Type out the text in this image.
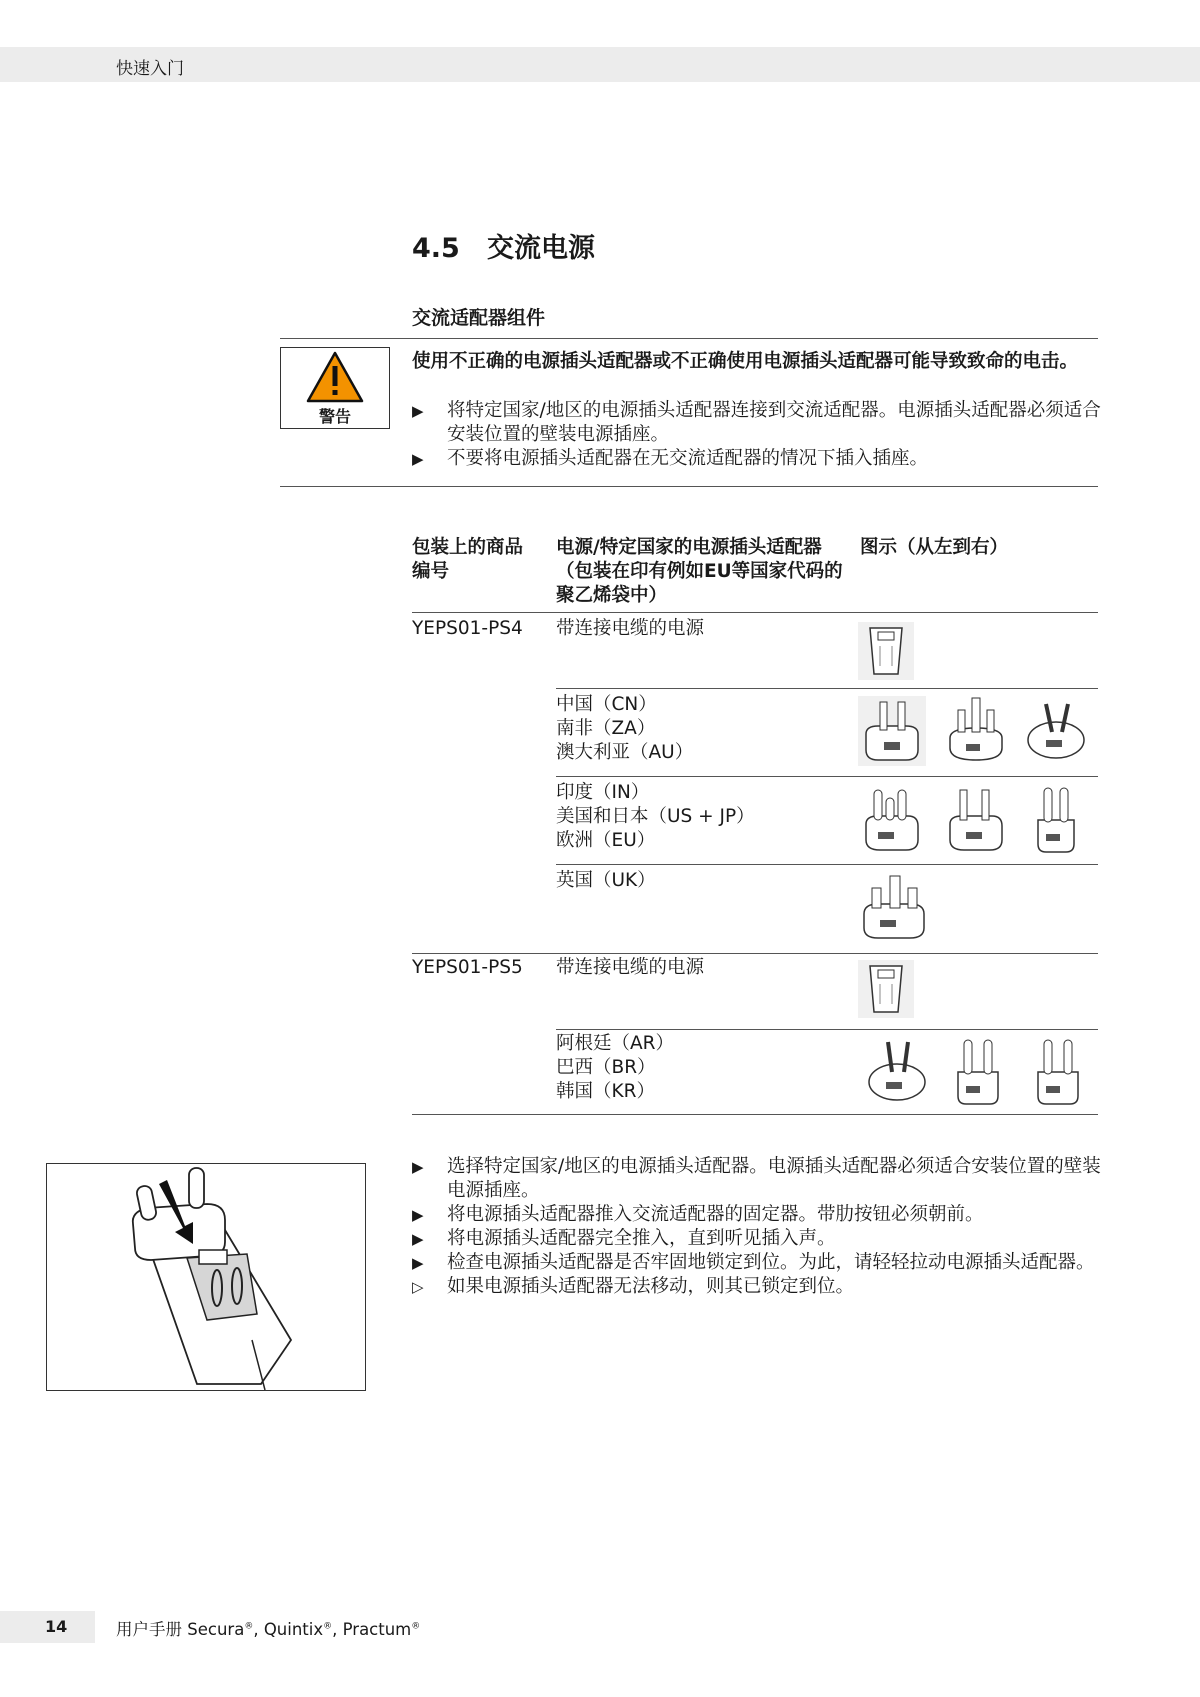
快速入门
4.5 交流电源
交流适配器组件
警告
使用不正确的电源插头适配器或不正确使用电源插头适配器可能导致致命的电击。
▶ 将特定国家/地区的电源插头适配器连接到交流适配器。电源插头适配器必须适合安装位置的壁装电源插座。
▶ 不要将电源插头适配器在无交流适配器的情况下插入插座。
包装上的商品编号
电源/特定国家的电源插头适配器（包装在印有例如EU等国家代码的聚乙烯袋中）
图示（从左到右）
YEPS01-PS4 带连接电缆的电源
中国（CN）
南非（ZA）
澳大利亚（AU）
印度（IN）
美国和日本（US + JP）
欧洲（EU）
英国（UK）
YEPS01-PS5 带连接电缆的电源
阿根廷（AR）
巴西（BR）
韩国（KR）
▶ 选择特定国家/地区的电源插头适配器。电源插头适配器必须适合安装位置的壁装电源插座。
▶ 将电源插头适配器推入交流适配器的固定器。带肋按钮必须朝前。
▶ 将电源插头适配器完全推入，直到听见插入声。
▶ 检查电源插头适配器是否牢固地锁定到位。为此，请轻轻拉动电源插头适配器。
▷ 如果电源插头适配器无法移动，则其已锁定到位。
14	用户手册 Secura®, Quintix®, Practum®
